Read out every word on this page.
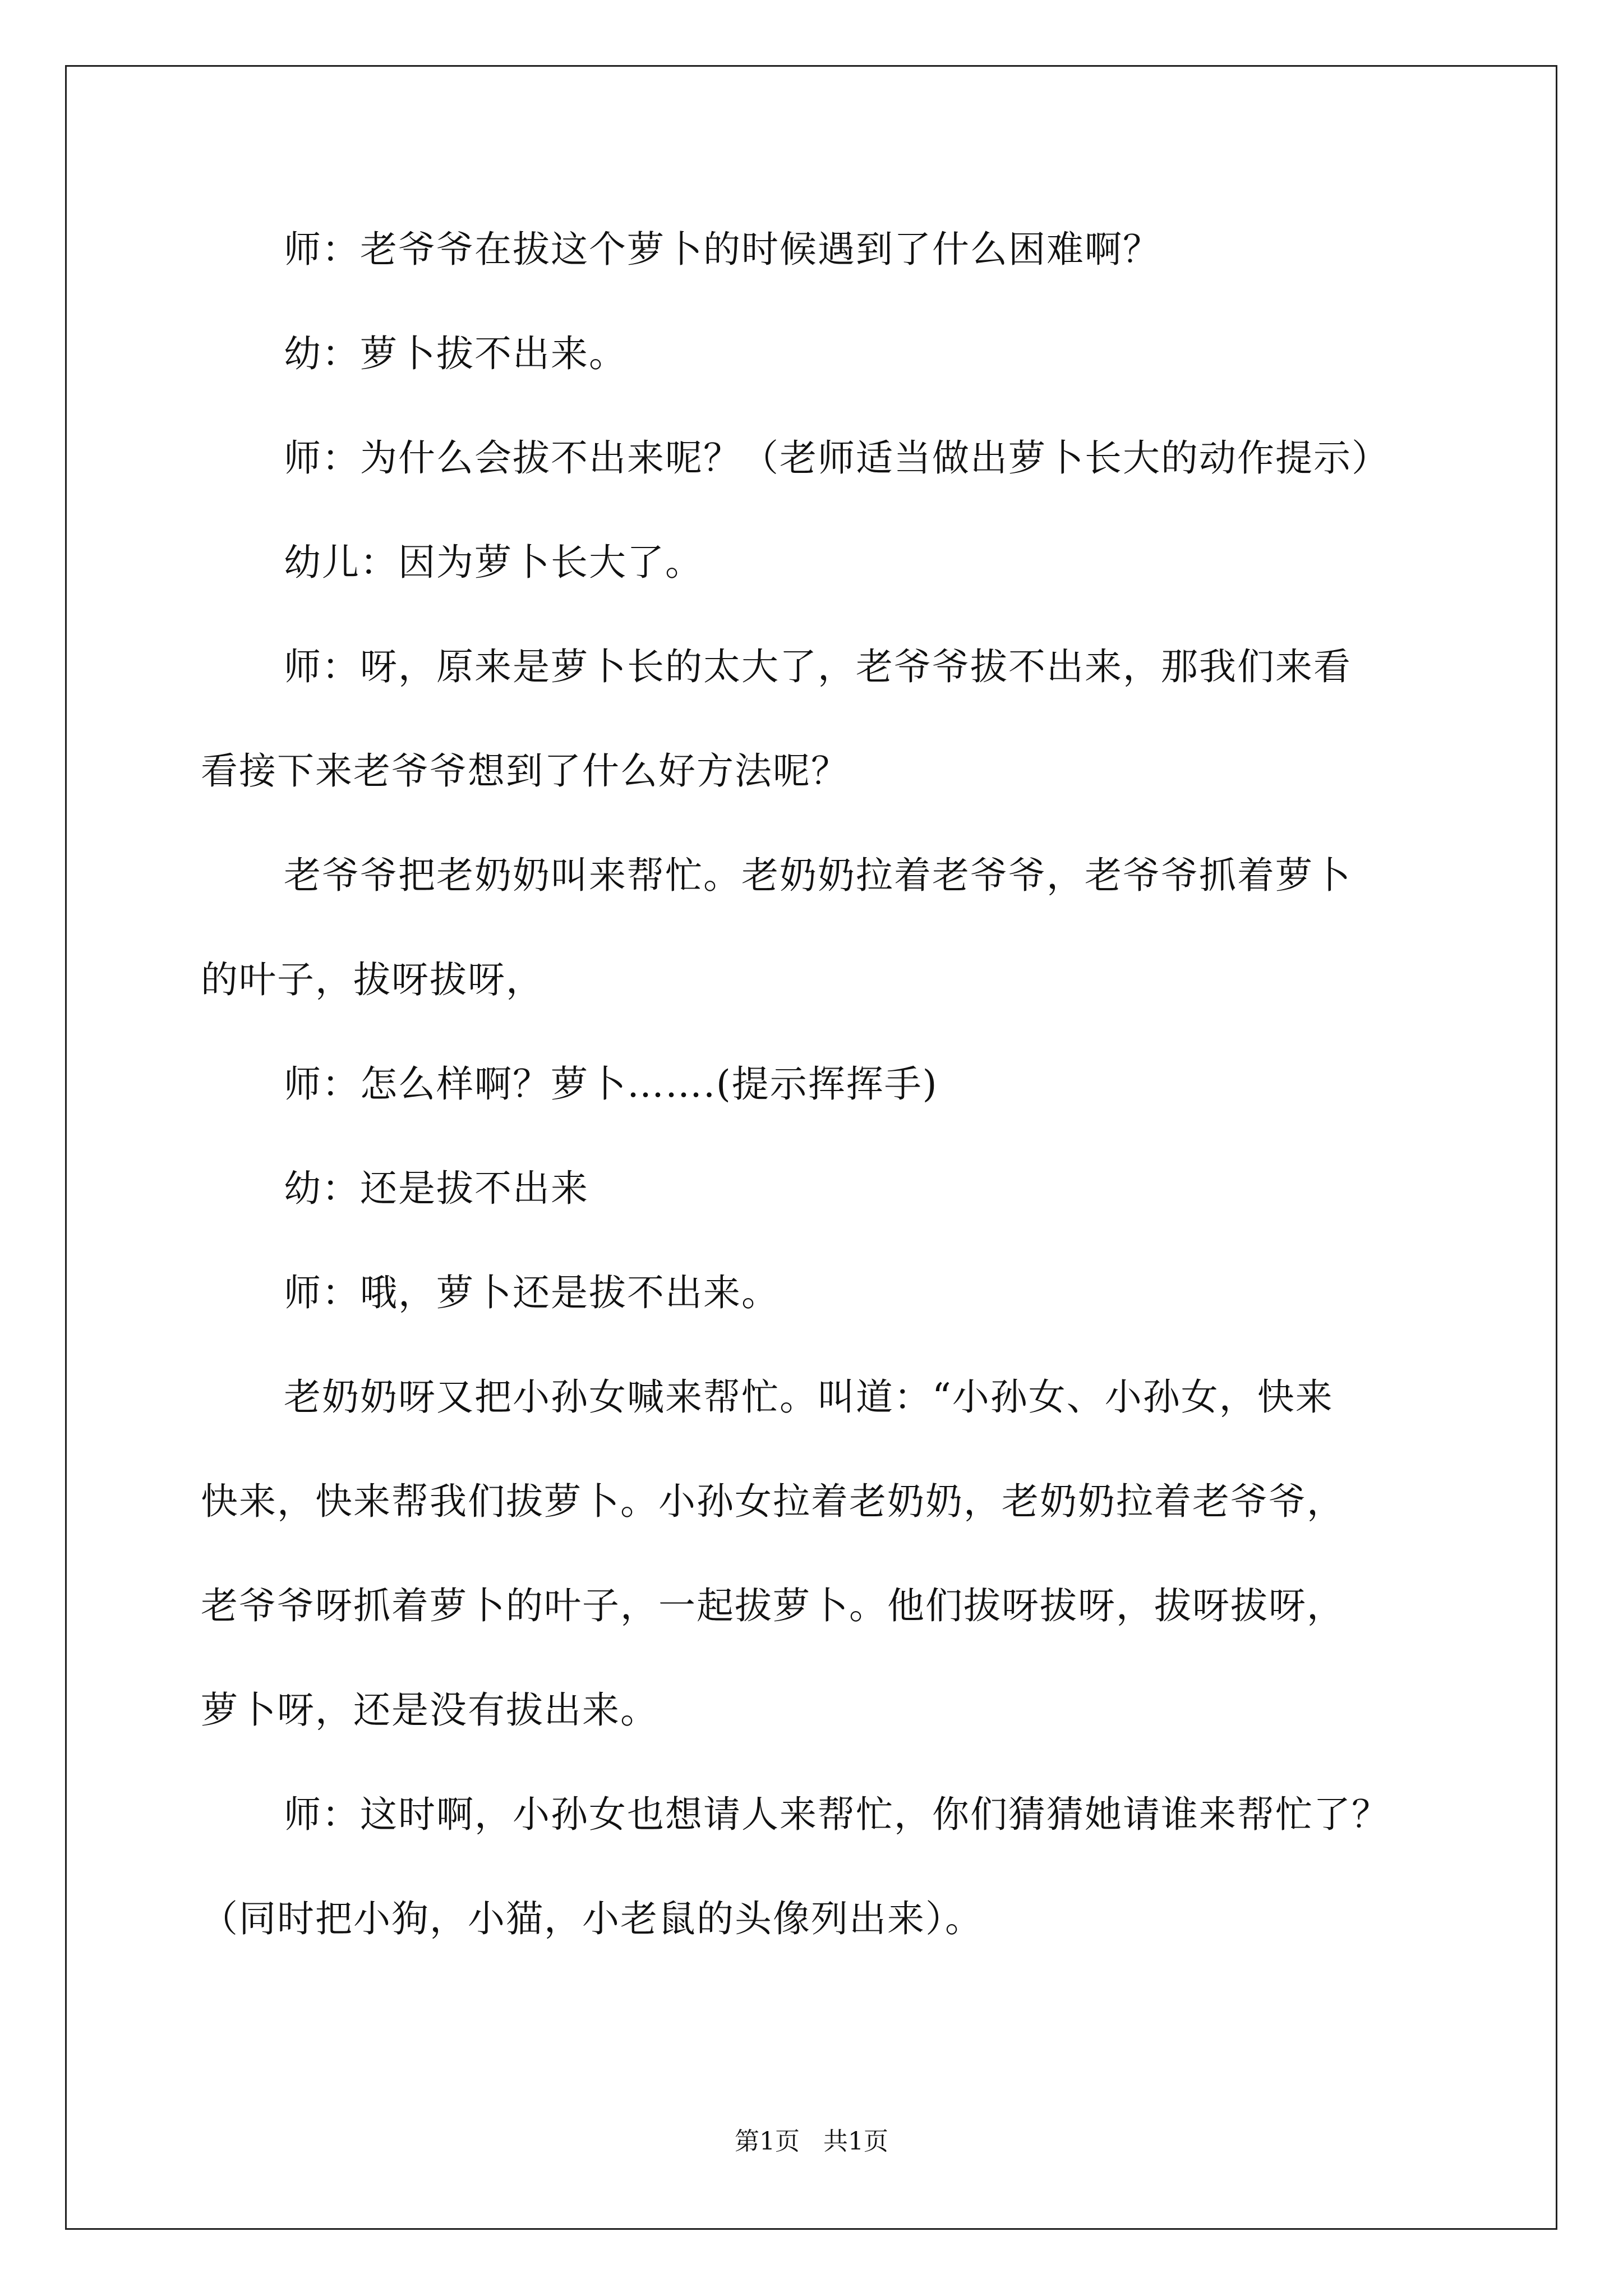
师：老爷爷在拔这个萝卜的时候遇到了什么困难啊？
幼：萝卜拔不出来。
师：为什么会拔不出来呢？（老师适当做出萝卜长大的动作提示）
幼儿：因为萝卜长大了。
师：呀，原来是萝卜长的太大了，老爷爷拔不出来，那我们来看
看接下来老爷爷想到了什么好方法呢？
老爷爷把老奶奶叫来帮忙。老奶奶拉着老爷爷，老爷爷抓着萝卜
的叶子，拔呀拔呀，
师：怎么样啊？萝卜…….(提示挥挥手)
幼：还是拔不出来
师：哦，萝卜还是拔不出来。
老奶奶呀又把小孙女喊来帮忙。叫道：“小孙女、小孙女，快来
快来，快来帮我们拔萝卜。小孙女拉着老奶奶，老奶奶拉着老爷爷，
老爷爷呀抓着萝卜的叶子，一起拔萝卜。他们拔呀拔呀，拔呀拔呀，
萝卜呀，还是没有拔出来。
师：这时啊，小孙女也想请人来帮忙，你们猜猜她请谁来帮忙了？
（同时把小狗，小猫，小老鼠的头像列出来）。
第1页   共1页
